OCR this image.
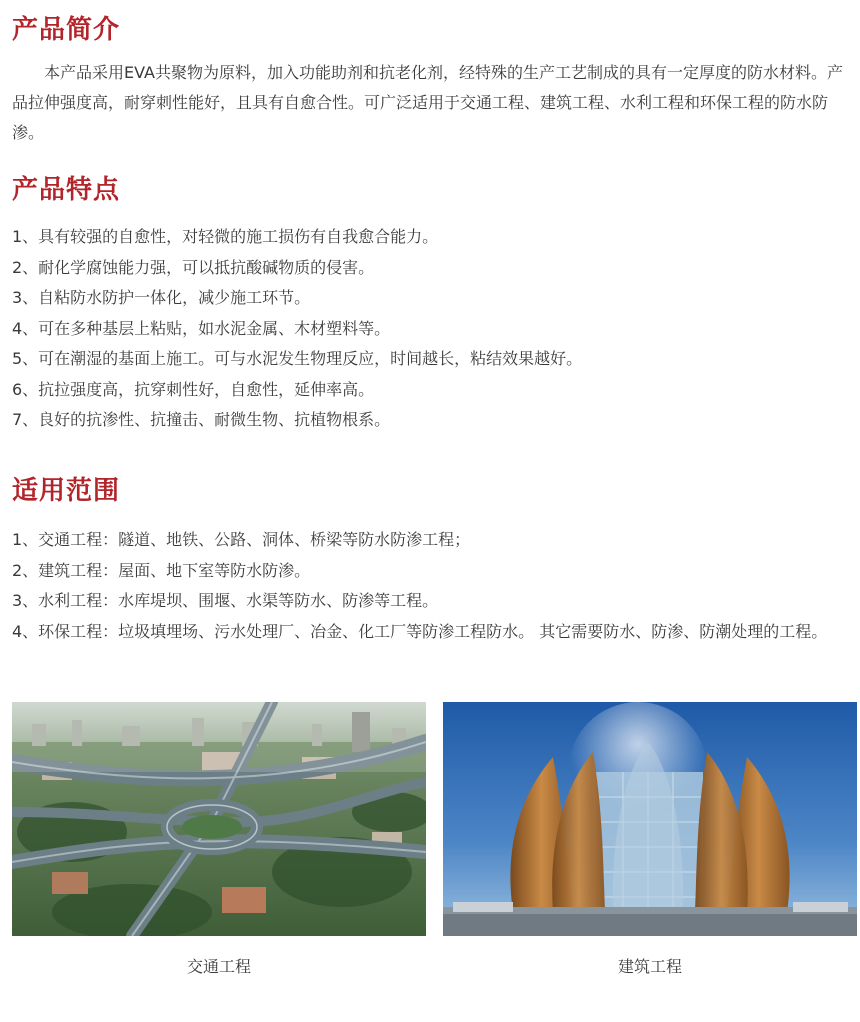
产品简介

本产品采用EVA共聚物为原料，加入功能助剂和抗老化剂，经特殊的生产工艺制成的具有一定厚度的防水材料。产品拉伸强度高，耐穿刺性能好，且具有自愈合性。可广泛适用于交通工程、建筑工程、水利工程和环保工程的防水防渗。

产品特点
1、具有较强的自愈性，对轻微的施工损伤有自我愈合能力。
2、耐化学腐蚀能力强，可以抵抗酸碱物质的侵害。
3、自粘防水防护一体化，减少施工环节。
4、可在多种基层上粘贴，如水泥金属、木材塑料等。
5、可在潮湿的基面上施工。可与水泥发生物理反应，时间越长，粘结效果越好。
6、抗拉强度高，抗穿刺性好，自愈性，延伸率高。
7、良好的抗渗性、抗撞击、耐微生物、抗植物根系。
适用范围
1、交通工程：隧道、地铁、公路、洞体、桥梁等防水防渗工程；
2、建筑工程：屋面、地下室等防水防渗。
3、水利工程：水库堤坝、围堰、水渠等防水、防渗等工程。
4、环保工程：垃圾填埋场、污水处理厂、冶金、化工厂等防渗工程防水。 其它需要防水、防渗、防潮处理的工程。
交通工程	建筑工程
